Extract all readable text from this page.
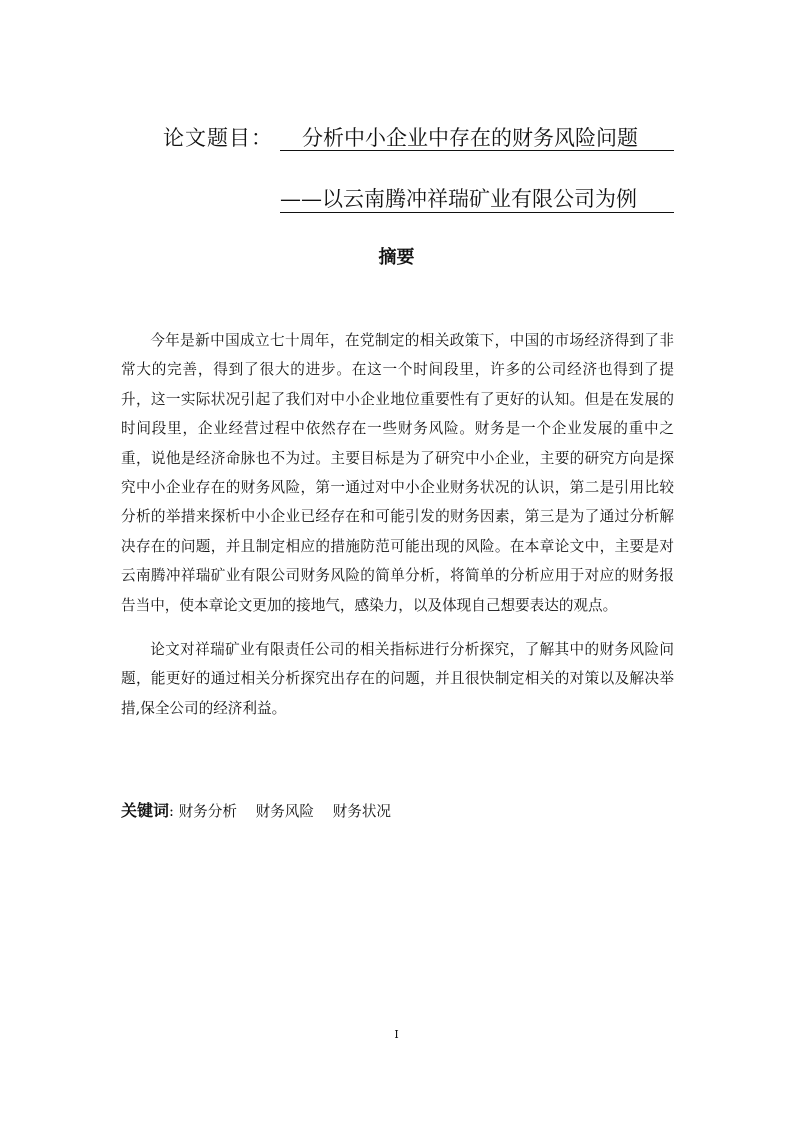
论文题目：	分析中小企业中存在的财务风险问题
——以云南腾冲祥瑞矿业有限公司为例
摘要

今年是新中国成立七十周年，在党制定的相关政策下，中国的市场经济得到了非常大的完善，得到了很大的进步。在这一个时间段里，许多的公司经济也得到了提升，这一实际状况引起了我们对中小企业地位重要性有了更好的认知。但是在发展的时间段里，企业经营过程中依然存在一些财务风险。财务是一个企业发展的重中之重，说他是经济命脉也不为过。主要目标是为了研究中小企业，主要的研究方向是探究中小企业存在的财务风险，第一通过对中小企业财务状况的认识，第二是引用比较分析的举措来探析中小企业已经存在和可能引发的财务因素，第三是为了通过分析解决存在的问题，并且制定相应的措施防范可能出现的风险。在本章论文中，主要是对云南腾冲祥瑞矿业有限公司财务风险的简单分析，将简单的分析应用于对应的财务报告当中，使本章论文更加的接地气，感染力，以及体现自己想要表达的观点。

论文对祥瑞矿业有限责任公司的相关指标进行分析探究，了解其中的财务风险问题，能更好的通过相关分析探究出存在的问题，并且很快制定相关的对策以及解决举措,保全公司的经济利益。

关键词: 财务分析 财务风险 财务状况
I
